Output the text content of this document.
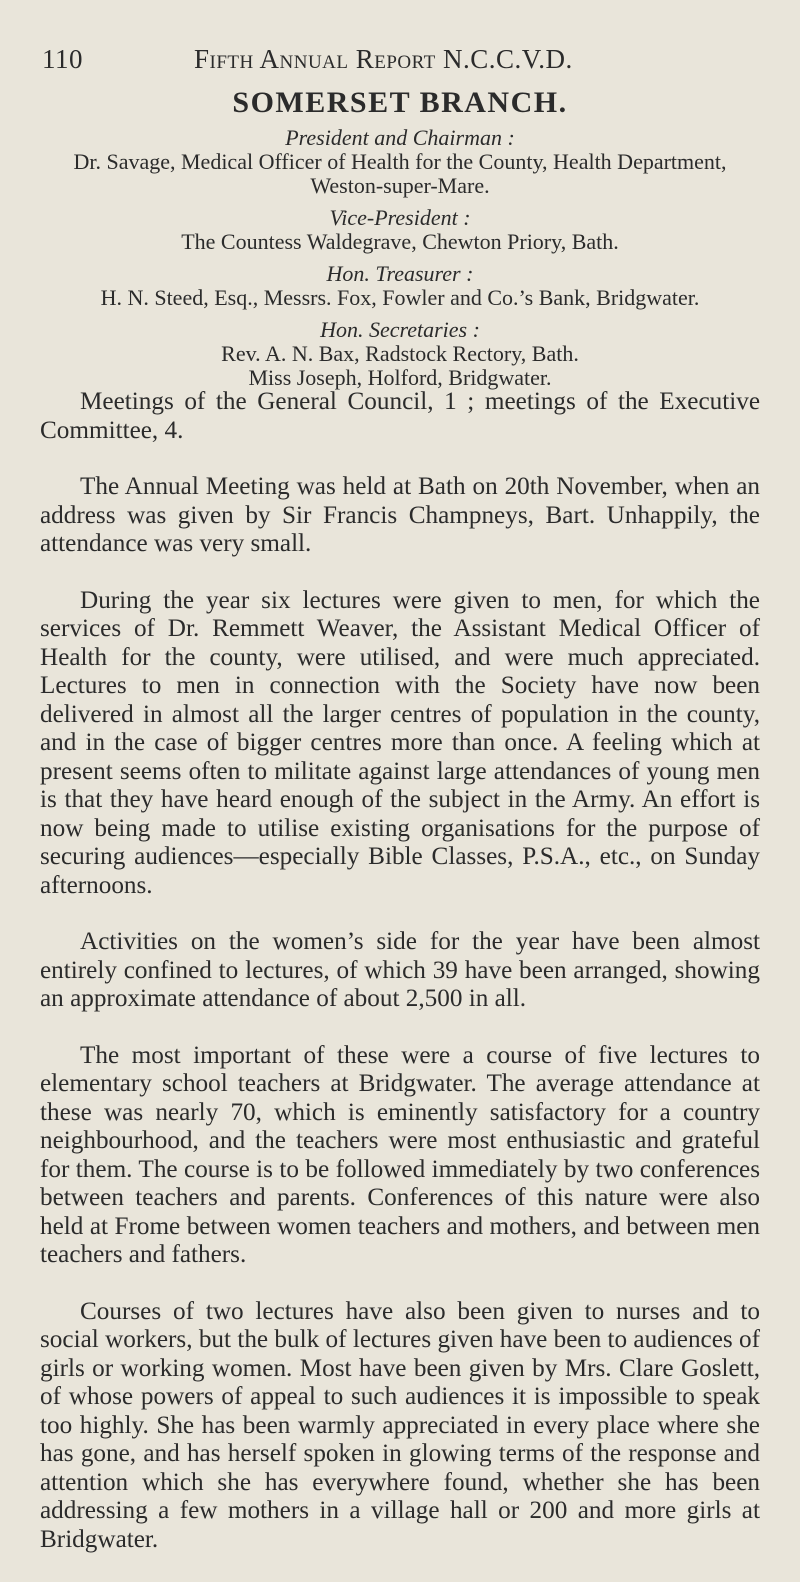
110	Fifth Annual Report N.C.C.V.D.
SOMERSET BRANCH.

President and Chairman :

Dr. Savage, Medical Officer of Health for the County, Health Department,

Weston-super-Mare.

Vice-President :

The Countess Waldegrave, Chewton Priory, Bath.

Hon. Treasurer :

H. N. Steed, Esq., Messrs. Fox, Fowler and Co.’s Bank, Bridgwater.

Hon. Secretaries :

Rev. A. N. Bax, Radstock Rectory, Bath.

Miss Joseph, Holford, Bridgwater.

Meetings of the General Council, 1 ; meetings of the Executive Committee, 4.

The Annual Meeting was held at Bath on 20th November, when an address was given by Sir Francis Champneys, Bart. Unhappily, the attendance was very small.

During the year six lectures were given to men, for which the services of Dr. Remmett Weaver, the Assistant Medical Officer of Health for the county, were utilised, and were much appreciated. Lectures to men in connection with the Society have now been delivered in almost all the larger centres of population in the county, and in the case of bigger centres more than once. A feeling which at present seems often to militate against large attendances of young men is that they have heard enough of the subject in the Army. An effort is now being made to utilise existing organisations for the purpose of securing audiences—especially Bible Classes, P.S.A., etc., on Sunday afternoons.

Activities on the women’s side for the year have been almost entirely confined to lectures, of which 39 have been arranged, showing an approximate attendance of about 2,500 in all.

The most important of these were a course of five lectures to elementary school teachers at Bridgwater. The average attendance at these was nearly 70, which is eminently satisfactory for a country neighbourhood, and the teachers were most enthusiastic and grateful for them. The course is to be followed immediately by two conferences between teachers and parents. Conferences of this nature were also held at Frome between women teachers and mothers, and between men teachers and fathers.

Courses of two lectures have also been given to nurses and to social workers, but the bulk of lectures given have been to audiences of girls or working women. Most have been given by Mrs. Clare Goslett, of whose powers of appeal to such audiences it is impossible to speak too highly. She has been warmly appreciated in every place where she has gone, and has herself spoken in glowing terms of the response and attention which she has everywhere found, whether she has been addressing a few mothers in a village hall or 200 and more girls at Bridgwater.
